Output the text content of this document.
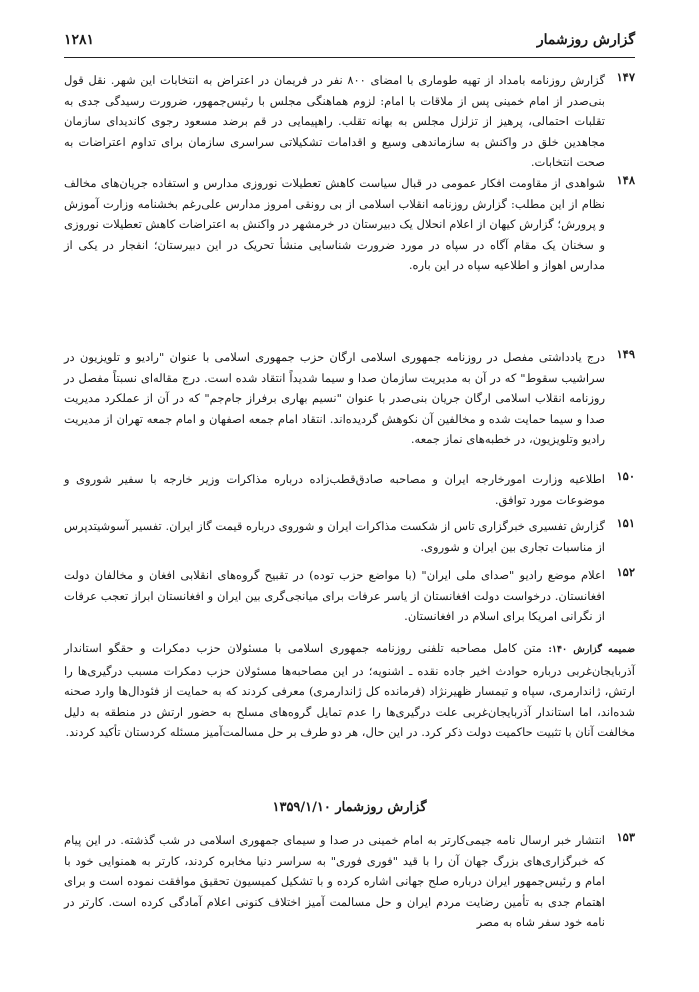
گزارش روزشمار
۱۲۸۱
۱۴۷
گزارش روزنامه بامداد از تهیه طوماری با امضای ۸۰۰ نفر در فریمان در اعتراض به انتخابات این شهر. نقل قول بنی‌صدر از امام خمینی پس از ملاقات با امام: لزوم هماهنگی مجلس با رئیس‌جمهور، ضرورت رسیدگی جدی به تقلبات احتمالی، پرهیز از تزلزل مجلس به بهانه تقلب. راهپیمایی در قم برضد مسعود رجوی کاندیدای سازمان مجاهدین خلق در واکنش به سازماندهی وسیع و اقدامات تشکیلاتی سراسری سازمان برای تداوم اعتراضات به صحت انتخابات.
۱۴۸
شواهدی از مقاومت افکار عمومی در قبال سیاست کاهش تعطیلات نوروزی مدارس و استفاده جریان‌های مخالف نظام از این مطلب: گزارش روزنامه انقلاب اسلامی از بی رونقی امروز مدارس علی‌رغم بخشنامه وزارت آموزش و پرورش؛ گزارش کیهان از اعلام انحلال یک دبیرستان در خرمشهر در واکنش به اعتراضات کاهش تعطیلات نوروزی و سخنان یک مقام آگاه در سپاه در مورد ضرورت شناسایی منشأ تحریک در این دبیرستان؛ انفجار در یکی از مدارس اهواز و اطلاعیه سپاه در این باره.
۱۴۹
درج یادداشتی مفصل در روزنامه جمهوری اسلامی ارگان حزب جمهوری اسلامی با عنوان "رادیو و تلویزیون در سراشیب سقوط" که در آن به مدیریت سازمان صدا و سیما شدیداً انتقاد شده است. درج مقاله‌ای نسبتاً مفصل در روزنامه انقلاب اسلامی ارگان جریان بنی‌صدر با عنوان "نسیم بهاری برفراز جام‌جم" که در آن از عملکرد مدیریت صدا و سیما حمایت شده و مخالفین آن نکوهش گردیده‌اند. انتقاد امام جمعه اصفهان و امام جمعه تهران از مدیریت رادیو وتلویزیون، در خطبه‌های نماز جمعه.
۱۵۰
اطلاعیه وزارت امورخارجه ایران و مصاحبه صادق‌قطب‌زاده درباره مذاکرات وزیر خارجه با سفیر شوروی و موضوعات مورد توافق.
۱۵۱
گزارش تفسیری خبرگزاری تاس از شکست مذاکرات ایران و شوروی درباره قیمت گاز ایران. تفسیر آسوشیتدپرس از مناسبات تجاری بین ایران و شوروی.
۱۵۲
اعلام موضع رادیو "صدای ملی ایران" (با مواضع حزب توده) در تقبیح گروه‌های انقلابی افغان و مخالفان دولت افغانستان. درخواست دولت افغانستان از یاسر عرفات برای میانجی‌گری بین ایران و افغانستان ابراز تعجب عرفات از نگرانی امریکا برای اسلام در افغانستان.
ضمیمه گزارش ۱۴۰: متن کامل مصاحبه تلفنی روزنامه جمهوری اسلامی با مسئولان حزب دمکرات و حقگو استاندار آذربایجان‌غربی درباره حوادث اخیر جاده نقده ـ اشنویه؛ در این مصاحبه‌ها مسئولان حزب دمکرات مسبب درگیری‌ها را ارتش، ژاندارمری، سپاه و تیمسار ظهیرنژاد (فرمانده کل ژاندارمری) معرفی کردند که به حمایت از فئودال‌ها وارد صحنه شده‌اند، اما استاندار آذربایجان‌غربی علت درگیری‌ها را عدم تمایل گروه‌های مسلح به حضور ارتش در منطقه به دلیل مخالفت آنان با تثبیت حاکمیت دولت ذکر کرد. در این حال، هر دو طرف بر حل مسالمت‌آمیز مسئله کردستان تأکید کردند.
گزارش روزشمار ۱۳۵۹/۱/۱۰
۱۵۳
انتشار خبر ارسال نامه جیمی‌کارتر به امام خمینی در صدا و سیمای جمهوری اسلامی در شب گذشته. در این پیام که خبرگزاری‌های بزرگ جهان آن را با قید "فوری فوری" به سراسر دنیا مخابره کردند، کارتر به همنوایی خود با امام و رئیس‌جمهور ایران درباره صلح جهانی اشاره کرده و با تشکیل کمیسیون تحقیق موافقت نموده است و برای اهتمام جدی به تأمین رضایت مردم ایران و حل مسالمت آمیز اختلاف کنونی اعلام آمادگی کرده است. کارتر در نامه خود سفر شاه به مصر
